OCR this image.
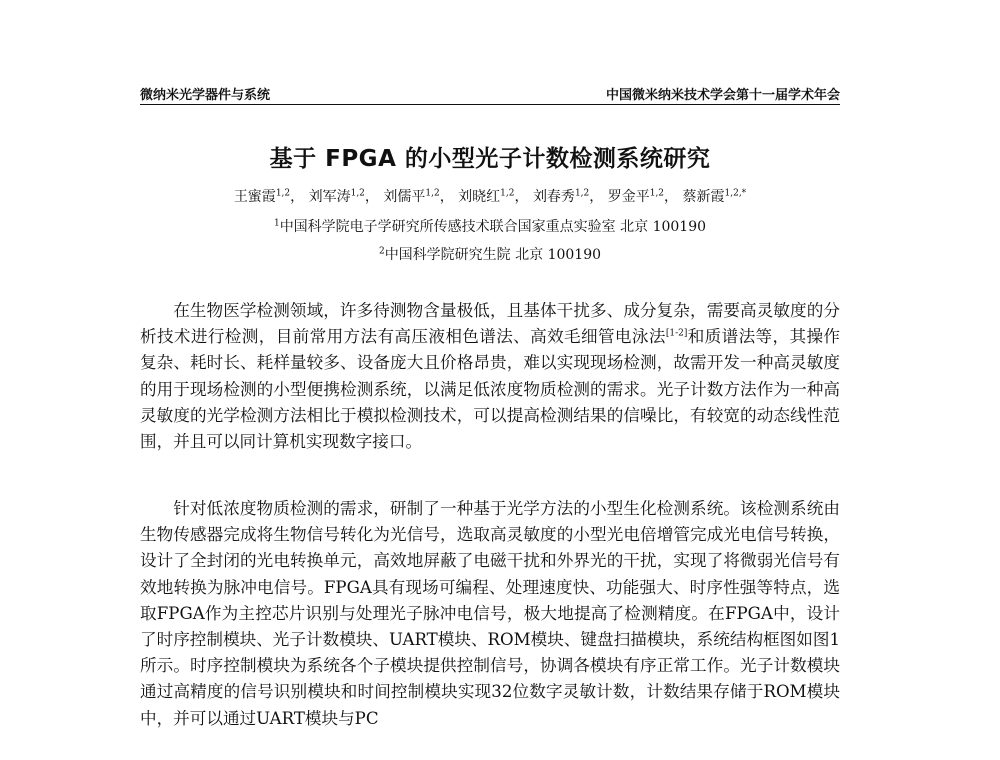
微纳米光学器件与系统	中国微米纳米技术学会第十一届学术年会
基于 FPGA 的小型光子计数检测系统研究
王蜜霞$^{1,2}$， 刘军涛$^{1,2}$， 刘儒平$^{1,2}$， 刘晓红$^{1,2}$， 刘春秀$^{1,2}$， 罗金平$^{1,2}$， 蔡新霞$^{1,2,*}$
$^1$中国科学院电子学研究所传感技术联合国家重点实验室 北京 100190
$^2$中国科学院研究生院 北京 100190

在生物医学检测领域，许多待测物含量极低，且基体干扰多、成分复杂，需要高灵敏度的分析技术进行检测，目前常用方法有高压液相色谱法、高效毛细管电泳法[1-2]和质谱法等，其操作复杂、耗时长、耗样量较多、设备庞大且价格昂贵，难以实现现场检测，故需开发一种高灵敏度的用于现场检测的小型便携检测系统，以满足低浓度物质检测的需求。光子计数方法作为一种高灵敏度的光学检测方法相比于模拟检测技术，可以提高检测结果的信噪比，有较宽的动态线性范围，并且可以同计算机实现数字接口。

针对低浓度物质检测的需求，研制了一种基于光学方法的小型生化检测系统。该检测系统由生物传感器完成将生物信号转化为光信号，选取高灵敏度的小型光电倍增管完成光电信号转换，设计了全封闭的光电转换单元，高效地屏蔽了电磁干扰和外界光的干扰，实现了将微弱光信号有效地转换为脉冲电信号。FPGA具有现场可编程、处理速度快、功能强大、时序性强等特点，选取FPGA作为主控芯片识别与处理光子脉冲电信号，极大地提高了检测精度。在FPGA中，设计了时序控制模块、光子计数模块、UART模块、ROM模块、键盘扫描模块，系统结构框图如图1所示。时序控制模块为系统各个子模块提供控制信号，协调各模块有序正常工作。光子计数模块通过高精度的信号识别模块和时间控制模块实现32位数字灵敏计数，计数结果存储于ROM模块中，并可以通过UART模块与PC
